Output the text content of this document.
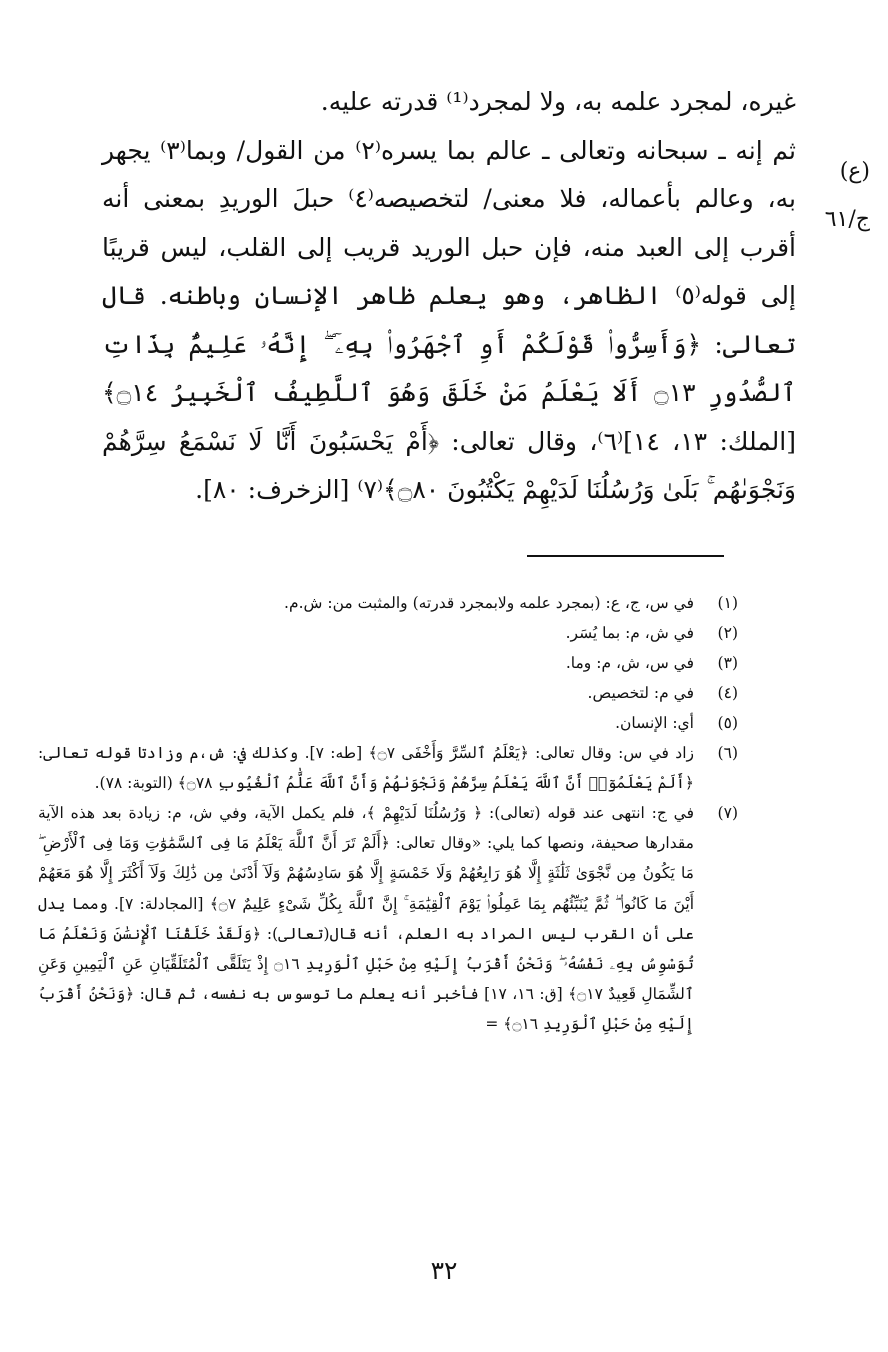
(ع)
ج/٦١

غيره، لمجرد علمه به، ولا لمجرد⁽¹⁾ قدرته عليه.

ثم إنه ـ سبحانه وتعالى ـ عالم بما يسره⁽٢⁾ من القول/ وبما⁽٣⁾ يجهر به، وعالم بأعماله، فلا معنى/ لتخصيصه⁽٤⁾ حبلَ الوريدِ بمعنى أنه أقرب إلى العبد منه، فإن حبل الوريد قريب إلى القلب، ليس قريبًا إلى قوله⁽٥⁾ الظاهر، وهو يعلم ظاهر الإنسان وباطنه. قال تعالى: ﴿وَأَسِرُّوا۟ قَوْلَكُمْ أَوِ ٱجْهَرُوا۟ بِهِۦٓ ۖ إِنَّهُۥ عَلِيمٌۢ بِذَاتِ ٱلصُّدُورِ ۝١٣ أَلَا يَعْلَمُ مَنْ خَلَقَ وَهُوَ ٱللَّطِيفُ ٱلْخَبِيرُ ۝١٤﴾ [الملك: ١٣، ١٤]⁽٦⁾، وقال تعالى: ﴿أَمْ يَحْسَبُونَ أَنَّا لَا نَسْمَعُ سِرَّهُمْ وَنَجْوَىٰهُم ۚ بَلَىٰ وَرُسُلُنَا لَدَيْهِمْ يَكْتُبُونَ ۝٨٠﴾⁽٧⁾ [الزخرف: ٨٠].

(١)
في س، ج، ع: (بمجرد علمه ولابمجرد قدرته) والمثبت من: ش.م.
(٢)
في ش، م: بما يُسَر.
(٣)
في س، ش، م: وما.
(٤)
في م: لتخصيص.
(٥)
أي: الإنسان.
(٦)
زاد في س: وقال تعالى: ﴿يَعْلَمُ ٱلسِّرَّ وَأَخْفَى ۝٧﴾ [طه: ٧]. وكذلك في: ش،م وزادتا قوله تعالى: ﴿أَلَمْ يَعْلَمُوٓا۟ أَنَّ ٱللَّهَ يَعْلَمُ سِرَّهُمْ وَنَجْوَىٰهُمْ وَأَنَّ ٱللَّهَ عَلَّٰمُ ٱلْغُيُوبِ ۝٧٨﴾ (التوبة: ٧٨).
(٧)
في ج: انتهى عند قوله (تعالى): ﴿ وَرُسُلُنَا لَدَيْهِمْ ﴾، فلم يكمل الآية، وفي ش، م: زيادة بعد هذه الآية مقدارها صحيفة، ونصها كما يلي: «وقال تعالى: ﴿أَلَمْ تَرَ أَنَّ ٱللَّهَ يَعْلَمُ مَا فِى ٱلسَّمَٰوَٰتِ وَمَا فِى ٱلْأَرْضِ ۖ مَا يَكُونُ مِن نَّجْوَىٰ ثَلَٰثَةٍ إِلَّا هُوَ رَابِعُهُمْ وَلَا خَمْسَةٍ إِلَّا هُوَ سَادِسُهُمْ وَلَآ أَدْنَىٰ مِن ذَٰلِكَ وَلَآ أَكْثَرَ إِلَّا هُوَ مَعَهُمْ أَيْنَ مَا كَانُوا۟ ۖ ثُمَّ يُنَبِّئُهُم بِمَا عَمِلُوا۟ يَوْمَ ٱلْقِيَٰمَةِ ۚ إِنَّ ٱللَّهَ بِكُلِّ شَىْءٍ عَلِيمٌ ۝٧﴾ [المجادلة: ٧]. ومما يدل على أن القرب ليس المراد به العلم، أنه قال(تعالى): ﴿وَلَقَدْ خَلَقْنَا ٱلْإِنسَٰنَ وَنَعْلَمُ مَا تُوَسْوِسُ بِهِۦ نَفْسُهُۥ ۖ وَنَحْنُ أَقْرَبُ إِلَيْهِ مِنْ حَبْلِ ٱلْوَرِيدِ ۝١٦ إِذْ يَتَلَقَّى ٱلْمُتَلَقِّيَانِ عَنِ ٱلْيَمِينِ وَعَنِ ٱلشِّمَالِ قَعِيدٌ ۝١٧﴾ [ق: ١٦، ١٧] فأخبر أنه يعلم ما توسوس به نفسه، ثم قال: ﴿وَنَحْنُ أَقْرَبُ إِلَيْهِ مِنْ حَبْلِ ٱلْوَرِيدِ ۝١٦﴾ =
٣٢
